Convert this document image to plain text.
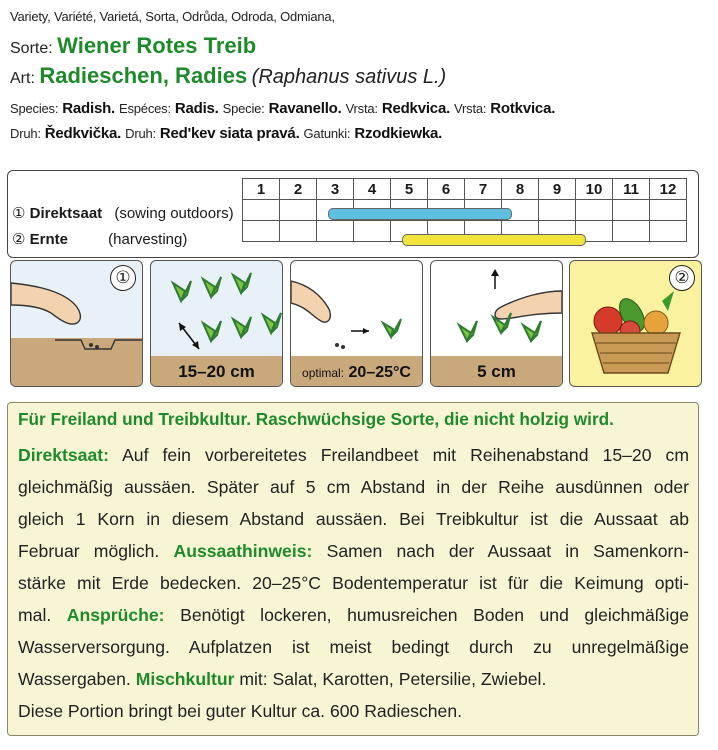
Variety, Variété, Varietá, Sorta, Odrůda, Odroda, Odmiana,
Sorte: Wiener Rotes Treib
Art: Radieschen, Radies (Raphanus sativus L.)
Species: Radish. Espéces: Radis. Specie: Ravanello. Vrsta: Redkvica. Vrsta: Rotkvica.
Druh: Ředkvička. Druh: Red'kev siata pravá. Gatunki: Rzodkiewka.
1	2	3	4	5	6	7	8	9	10	11	12

① Direktsaat (sowing outdoors)
② Ernte	(harvesting)
①
15–20 cm	optimal: 20–25°C	5 cm
②
Für Freiland und Treibkultur. Raschwüchsige Sorte, die nicht holzig wird.
Direktsaat: Auf fein vorbereitetes Freilandbeet mit Reihenabstand 15–20 cm
gleichmäßig aussäen. Später auf 5 cm Abstand in der Reihe ausdünnen oder
gleich 1 Korn in diesem Abstand aussäen. Bei Treibkultur ist die Aussaat ab
Februar möglich. Aussaathinweis: Samen nach der Aussaat in Samenkorn-
stärke mit Erde bedecken. 20–25°C Bodentemperatur ist für die Keimung opti-
mal. Ansprüche: Benötigt lockeren, humusreichen Boden und gleichmäßige
Wasserversorgung. Aufplatzen ist meist bedingt durch zu unregelmäßige
Wassergaben. Mischkultur mit: Salat, Karotten, Petersilie, Zwiebel.
Diese Portion bringt bei guter Kultur ca. 600 Radieschen.
